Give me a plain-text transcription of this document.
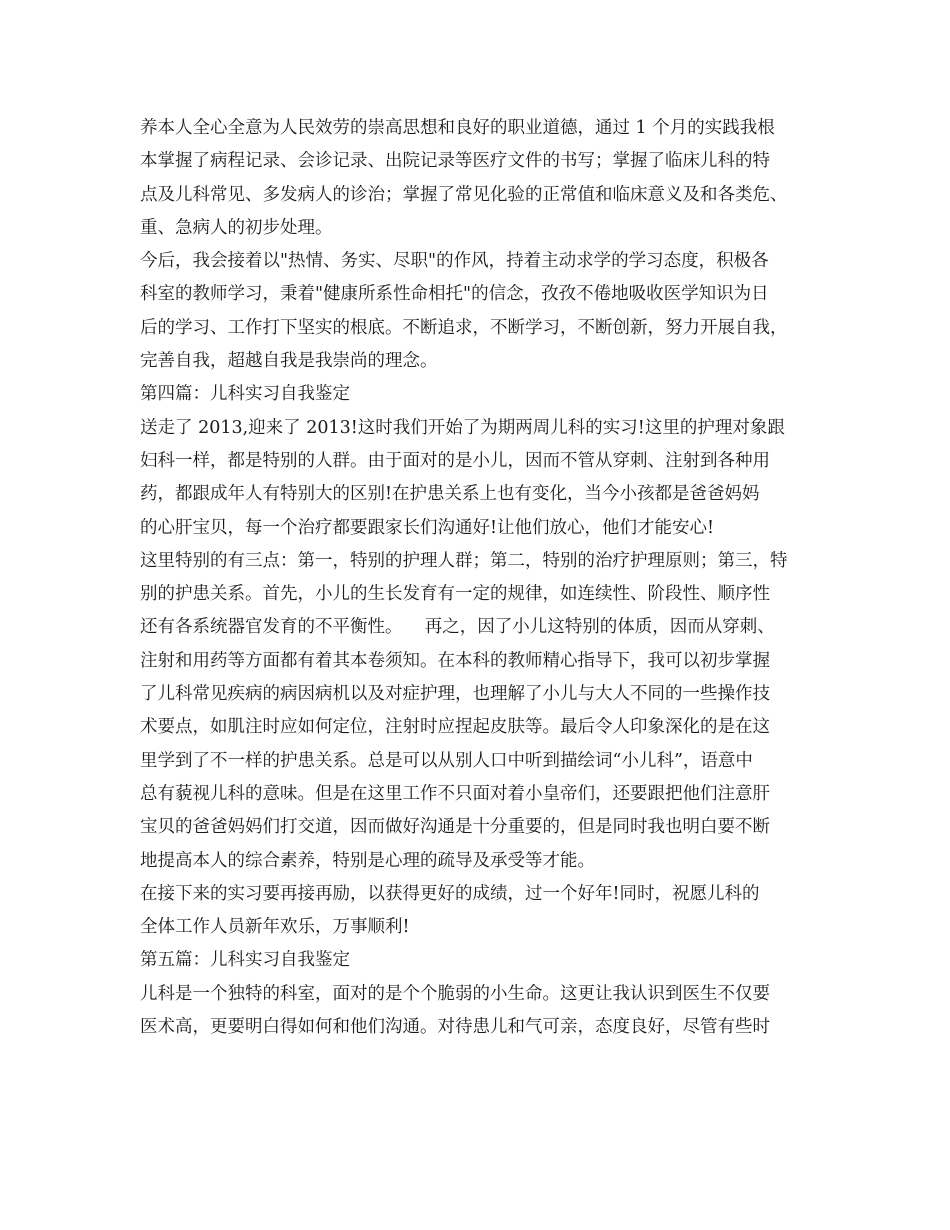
养本人全心全意为人民效劳的崇高思想和良好的职业道德，通过 1 个月的实践我根
本掌握了病程记录、会诊记录、出院记录等医疗文件的书写；掌握了临床儿科的特
点及儿科常见、多发病人的诊治；掌握了常见化验的正常值和临床意义及和各类危、
重、急病人的初步处理。
今后，我会接着以"热情、务实、尽职"的作风，持着主动求学的学习态度，积极各
科室的教师学习，秉着"健康所系性命相托"的信念，孜孜不倦地吸收医学知识为日
后的学习、工作打下坚实的根底。不断追求，不断学习，不断创新，努力开展自我，
完善自我，超越自我是我崇尚的理念。
第四篇：儿科实习自我鉴定
送走了 2013,迎来了 2013!这时我们开始了为期两周儿科的实习!这里的护理对象跟
妇科一样，都是特别的人群。由于面对的是小儿，因而不管从穿刺、注射到各种用
药，都跟成年人有特别大的区别!在护患关系上也有变化，当今小孩都是爸爸妈妈
的心肝宝贝，每一个治疗都要跟家长们沟通好!让他们放心，他们才能安心!
这里特别的有三点：第一，特别的护理人群；第二，特别的治疗护理原则；第三，特
别的护患关系。首先，小儿的生长发育有一定的规律，如连续性、阶段性、顺序性
还有各系统器官发育的不平衡性。    再之，因了小儿这特别的体质，因而从穿刺、
注射和用药等方面都有着其本卷须知。在本科的教师精心指导下，我可以初步掌握
了儿科常见疾病的病因病机以及对症护理，也理解了小儿与大人不同的一些操作技
术要点，如肌注时应如何定位，注射时应捏起皮肤等。最后令人印象深化的是在这
里学到了不一样的护患关系。总是可以从别人口中听到描绘词“小儿科”，语意中
总有藐视儿科的意味。但是在这里工作不只面对着小皇帝们，还要跟把他们注意肝
宝贝的爸爸妈妈们打交道，因而做好沟通是十分重要的，但是同时我也明白要不断
地提高本人的综合素养，特别是心理的疏导及承受等才能。
在接下来的实习要再接再励，以获得更好的成绩，过一个好年!同时，祝愿儿科的
全体工作人员新年欢乐，万事顺利!
第五篇：儿科实习自我鉴定
儿科是一个独特的科室，面对的是个个脆弱的小生命。这更让我认识到医生不仅要
医术高，更要明白得如何和他们沟通。对待患儿和气可亲，态度良好，尽管有些时
